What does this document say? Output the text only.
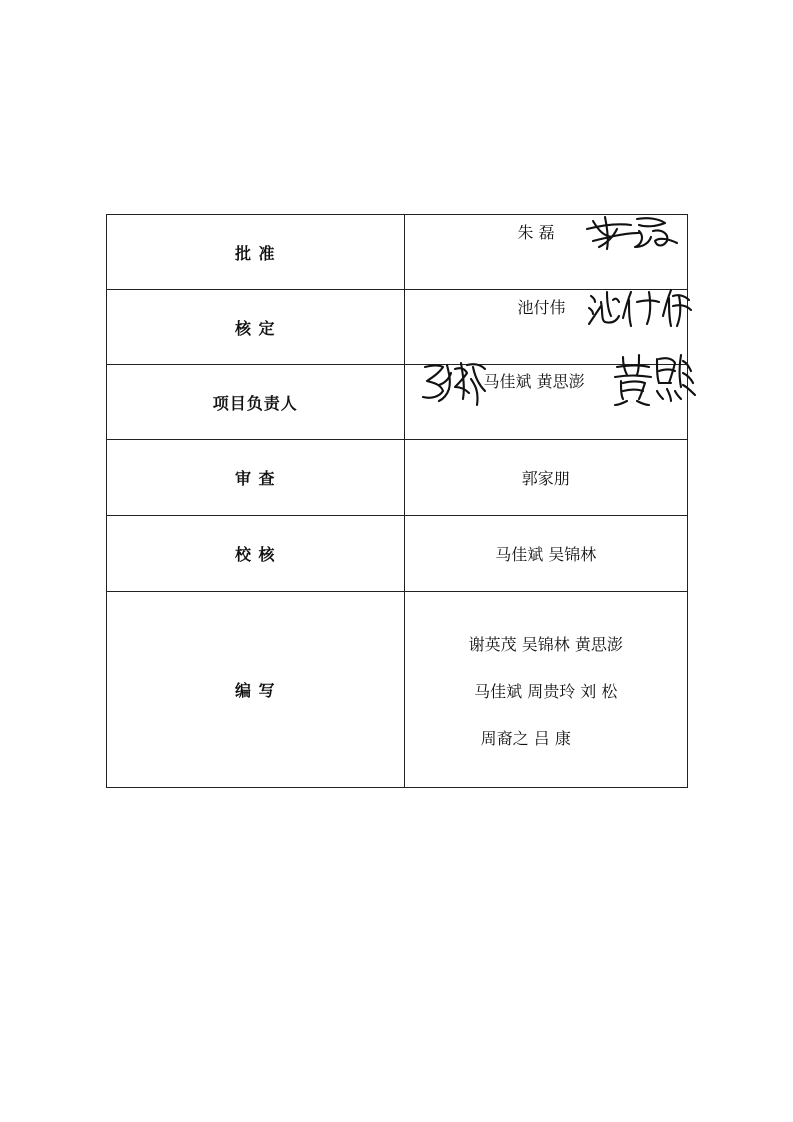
批 准	朱 磊

核 定	池付伟

项目负责人	马佳斌 黄思澎

审 查	郭家朋
校 核	马佳斌 吴锦林
编 写	谢英茂 吴锦林 黄思澎
马佳斌 周贵玲 刘 松
周裔之 吕 康
